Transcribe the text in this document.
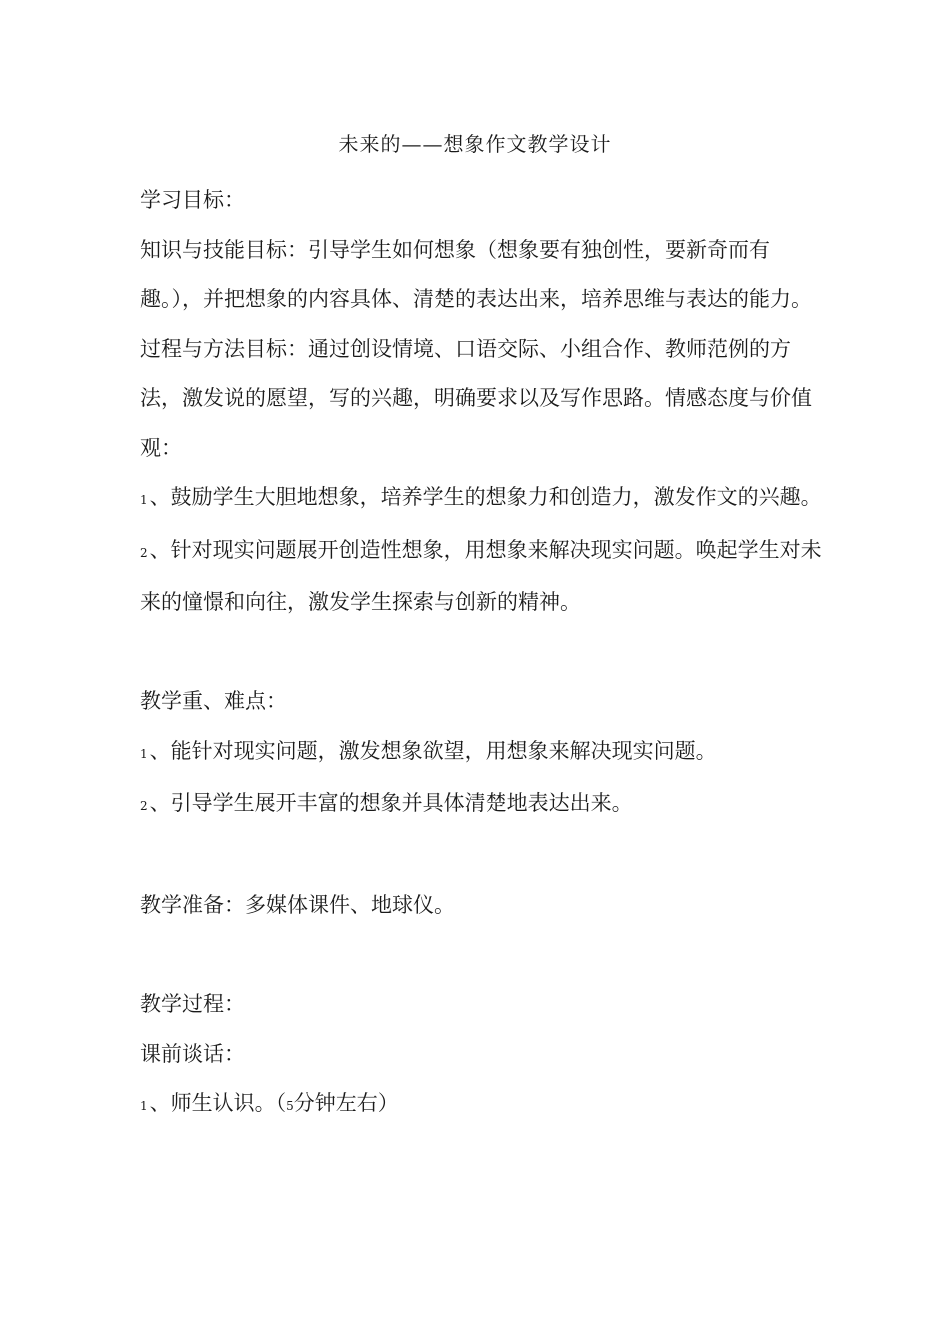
未来的——想象作文教学设计

学习目标：

知识与技能目标：引导学生如何想象（想象要有独创性，要新奇而有趣。），并把想象的内容具体、清楚的表达出来，培养思维与表达的能力。

过程与方法目标：通过创设情境、口语交际、小组合作、教师范例的方法，激发说的愿望，写的兴趣，明确要求以及写作思路。情感态度与价值观：

1、鼓励学生大胆地想象，培养学生的想象力和创造力，激发作文的兴趣。

2、针对现实问题展开创造性想象，用想象来解决现实问题。唤起学生对未来的憧憬和向往，激发学生探索与创新的精神。

教学重、难点：

1、能针对现实问题，激发想象欲望，用想象来解决现实问题。

2、引导学生展开丰富的想象并具体清楚地表达出来。

教学准备：多媒体课件、地球仪。

教学过程：

课前谈话：

1、师生认识。（5分钟左右）
